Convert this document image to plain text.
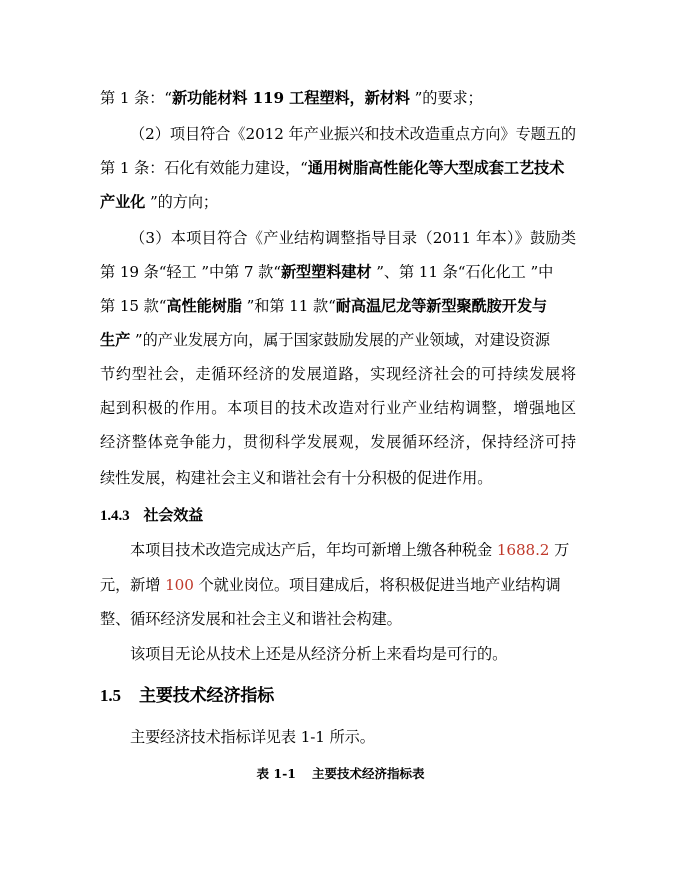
第 1 条：“新功能材料 119 工程塑料，新材料 ”的要求；
（2）项目符合《2012 年产业振兴和技术改造重点方向》专题五的
第 1 条：石化有效能力建设，“通用树脂高性能化等大型成套工艺技术
产业化 ”的方向；
（3）本项目符合《产业结构调整指导目录（2011 年本）》鼓励类
第 19 条“轻工 ”中第 7 款“新型塑料建材 ”、第 11 条“石化化工 ”中
第 15 款“高性能树脂 ”和第 11 款“耐高温尼龙等新型聚酰胺开发与
生产 ”的产业发展方向，属于国家鼓励发展的产业领域，对建设资源
节约型社会，走循环经济的发展道路，实现经济社会的可持续发展将
起到积极的作用。本项目的技术改造对行业产业结构调整，增强地区
经济整体竞争能力，贯彻科学发展观，发展循环经济，保持经济可持
续性发展，构建社会主义和谐社会有十分积极的促进作用。
1.4.3 社会效益
本项目技术改造完成达产后，年均可新增上缴各种税金 1688.2 万
元，新增 100 个就业岗位。项目建成后，将积极促进当地产业结构调
整、循环经济发展和社会主义和谐社会构建。
该项目无论从技术上还是从经济分析上来看均是可行的。
1.5 主要技术经济指标
主要经济技术指标详见表 1-1 所示。
表 1-1 主要技术经济指标表
